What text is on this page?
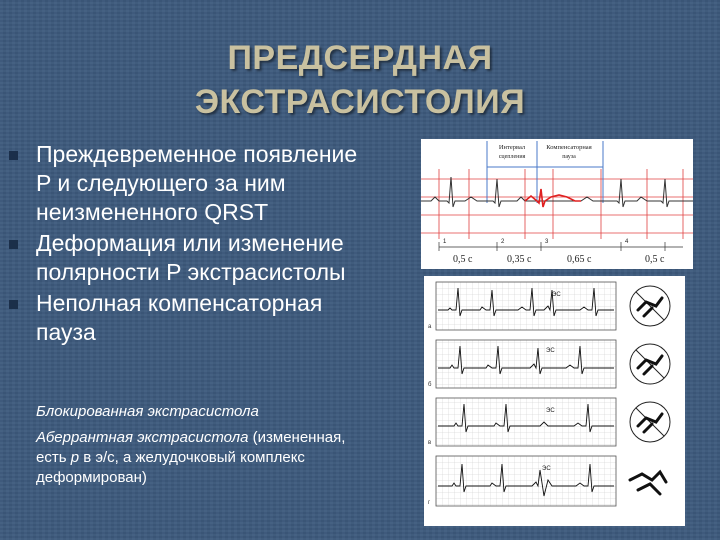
ПРЕДСЕРДНАЯ
ЭКСТРАСИСТОЛИЯ
Преждевременное появление
P и следующего за ним
неизмененного QRST
Деформация или изменение
полярности P экстрасистолы
Неполная компенсаторная
пауза
Блокированная экстрасистола
Аберрантная экстрасистола (измененная,
есть p в э/с, а желудочковый комплекс
деформирован)
Интервал
сцепления
Компенсаторная
пауза
1	2	3	4
0,5 с	0,35 с	0,65 с	0,5 с
а
ЭС
б
ЭС
в
ЭС
г
ЭС
